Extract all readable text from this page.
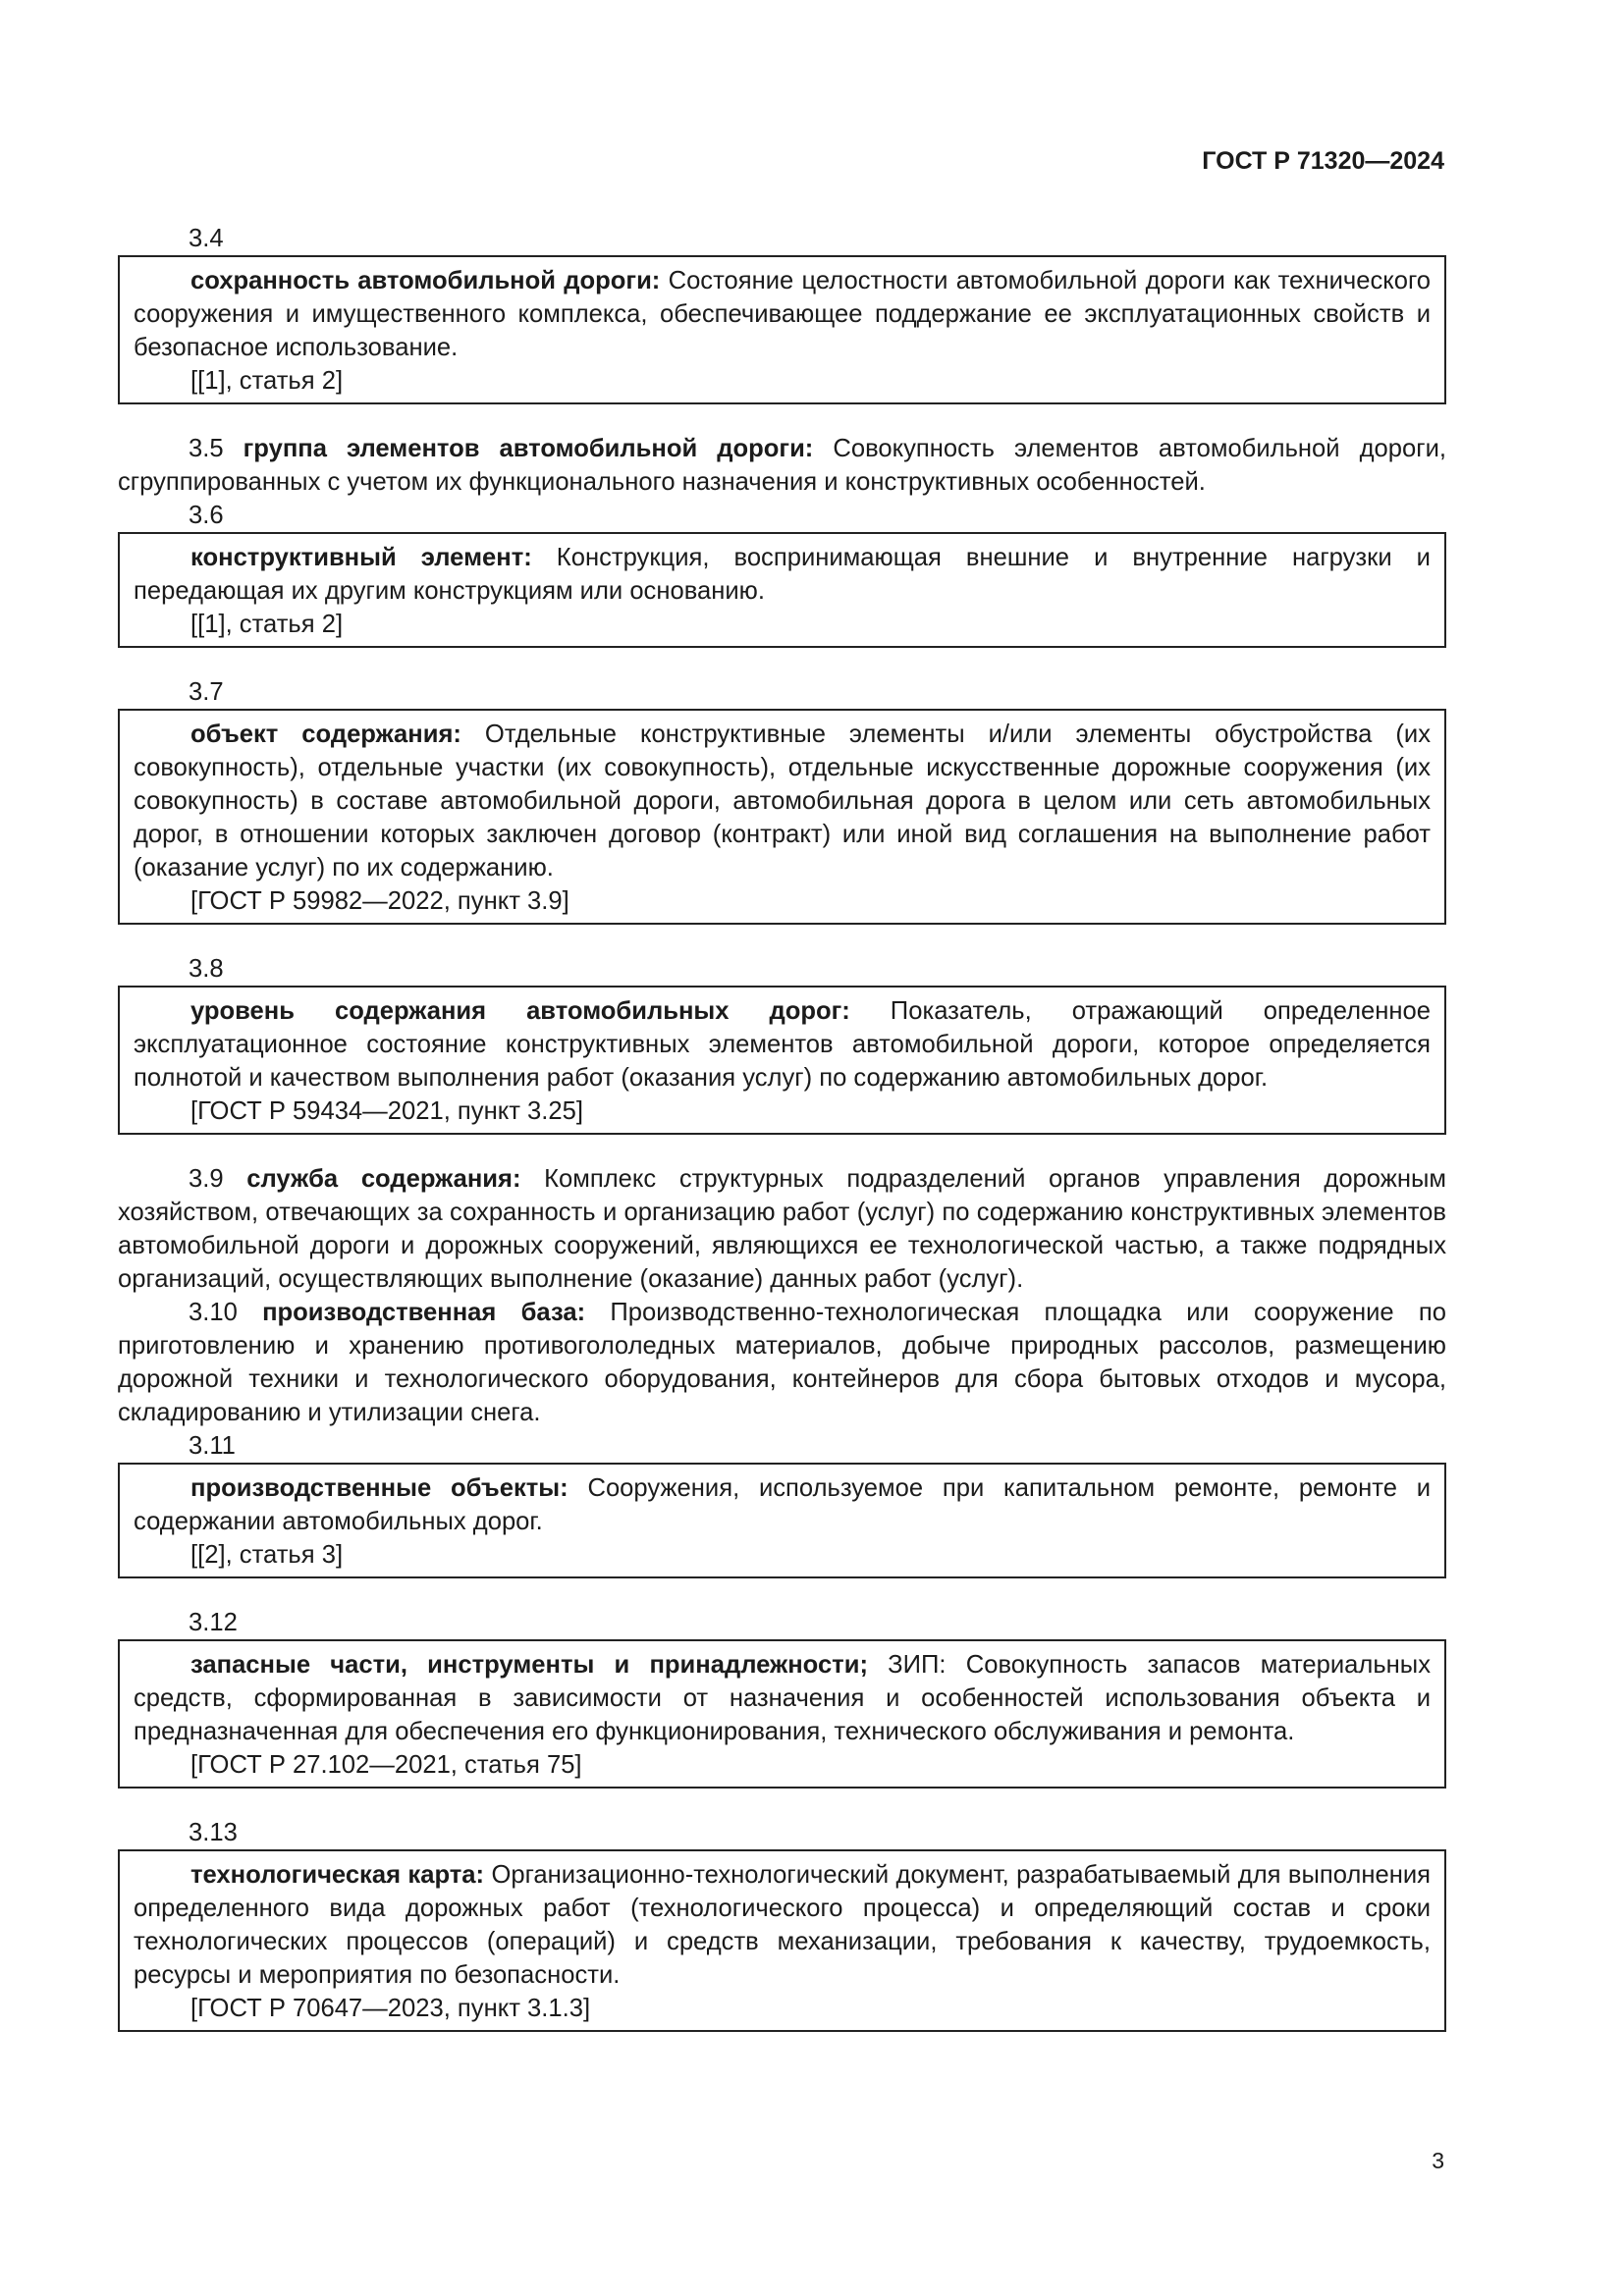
ГОСТ Р 71320—2024
3.4

сохранность автомобильной дороги: Состояние целостности автомобильной дороги как технического сооружения и имущественного комплекса, обеспечивающее поддержание ее эксплуатационных свойств и безопасное использование.

[[1], статья 2]

3.5 группа элементов автомобильной дороги: Совокупность элементов автомобильной дороги, сгруппированных с учетом их функционального назначения и конструктивных особенностей.

3.6

конструктивный элемент: Конструкция, воспринимающая внешние и внутренние нагрузки и передающая их другим конструкциям или основанию.

[[1], статья 2]

3.7

объект содержания: Отдельные конструктивные элементы и/или элементы обустройства (их совокупность), отдельные участки (их совокупность), отдельные искусственные дорожные сооружения (их совокупность) в составе автомобильной дороги, автомобильная дорога в целом или сеть автомобильных дорог, в отношении которых заключен договор (контракт) или иной вид соглашения на выполнение работ (оказание услуг) по их содержанию.

[ГОСТ Р 59982—2022, пункт 3.9]

3.8

уровень содержания автомобильных дорог: Показатель, отражающий определенное эксплуатационное состояние конструктивных элементов автомобильной дороги, которое определяется полнотой и качеством выполнения работ (оказания услуг) по содержанию автомобильных дорог.

[ГОСТ Р 59434—2021, пункт 3.25]

3.9 служба содержания: Комплекс структурных подразделений органов управления дорожным хозяйством, отвечающих за сохранность и организацию работ (услуг) по содержанию конструктивных элементов автомобильной дороги и дорожных сооружений, являющихся ее технологической частью, а также подрядных организаций, осуществляющих выполнение (оказание) данных работ (услуг).

3.10 производственная база: Производственно-технологическая площадка или сооружение по приготовлению и хранению противогололедных материалов, добыче природных рассолов, размещению дорожной техники и технологического оборудования, контейнеров для сбора бытовых отходов и мусора, складированию и утилизации снега.

3.11

производственные объекты: Сооружения, используемое при капитальном ремонте, ремонте и содержании автомобильных дорог.

[[2], статья 3]

3.12

запасные части, инструменты и принадлежности; ЗИП: Совокупность запасов материальных средств, сформированная в зависимости от назначения и особенностей использования объекта и предназначенная для обеспечения его функционирования, технического обслуживания и ремонта.

[ГОСТ Р 27.102—2021, статья 75]

3.13

технологическая карта: Организационно-технологический документ, разрабатываемый для выполнения определенного вида дорожных работ (технологического процесса) и определяющий состав и сроки технологических процессов (операций) и средств механизации, требования к качеству, трудоемкость, ресурсы и мероприятия по безопасности.

[ГОСТ Р 70647—2023, пункт 3.1.3]

3
